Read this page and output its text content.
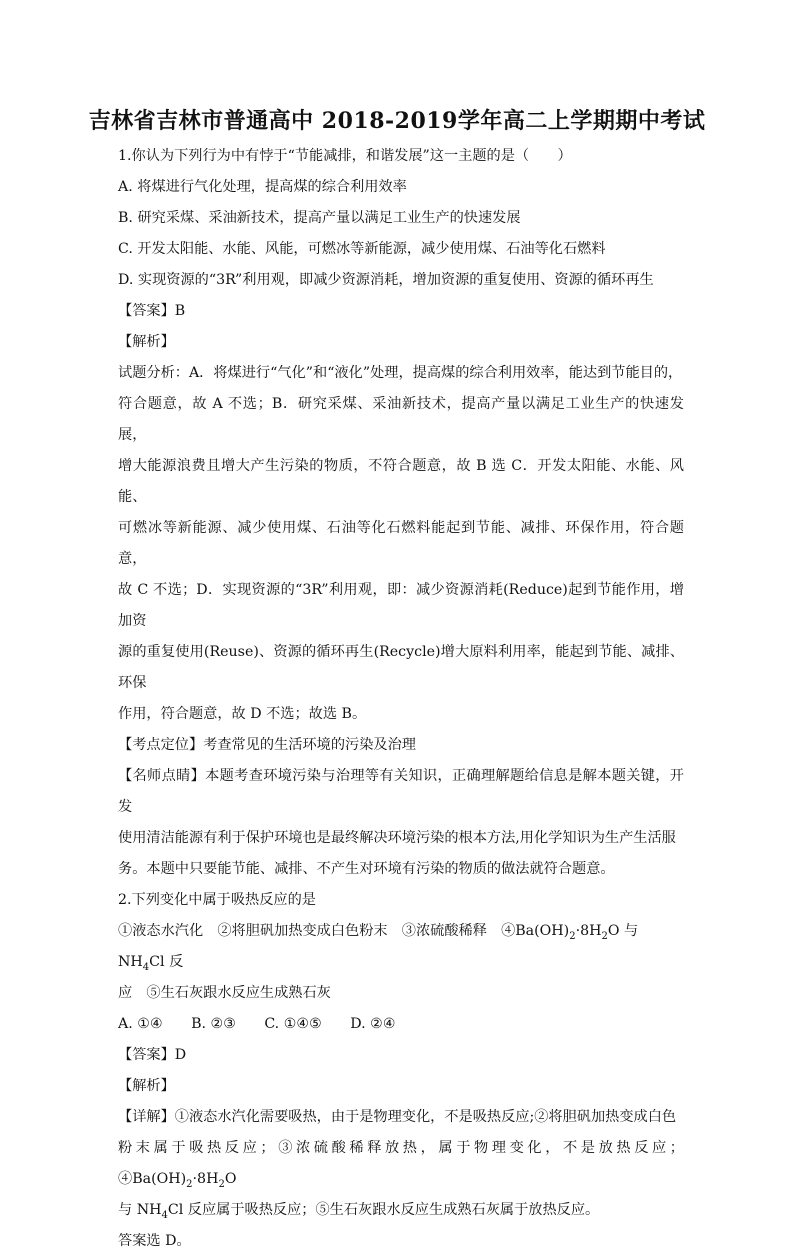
吉林省吉林市普通高中 2018-2019学年高二上学期期中考试

1.你认为下列行为中有悖于“节能减排，和谐发展”这一主题的是（　　）

A. 将煤进行气化处理，提高煤的综合利用效率

B. 研究采煤、采油新技术，提高产量以满足工业生产的快速发展

C. 开发太阳能、水能、风能，可燃冰等新能源，减少使用煤、石油等化石燃料

D. 实现资源的“3R”利用观，即减少资源消耗，增加资源的重复使用、资源的循环再生

【答案】B

【解析】

试题分析：A．将煤进行“气化”和“液化”处理，提高煤的综合利用效率，能达到节能目的，

符合题意，故 A 不选；B．研究采煤、采油新技术，提高产量以满足工业生产的快速发展，

增大能源浪费且增大产生污染的物质，不符合题意，故 B 选 C．开发太阳能、水能、风能、

可燃冰等新能源、减少使用煤、石油等化石燃料能起到节能、减排、环保作用，符合题意，

故 C 不选；D．实现资源的“3R”利用观，即：减少资源消耗(Reduce)起到节能作用，增加资

源的重复使用(Reuse)、资源的循环再生(Recycle)增大原料利用率，能起到节能、减排、环保

作用，符合题意，故 D 不选；故选 B。

【考点定位】考查常见的生活环境的污染及治理

【名师点睛】本题考查环境污染与治理等有关知识，正确理解题给信息是解本题关键，开发

使用清洁能源有利于保护环境也是最终解决环境污染的根本方法,用化学知识为生产生活服

务。本题中只要能节能、减排、不产生对环境有污染的物质的做法就符合题意。

2.下列变化中属于吸热反应的是

①液态水汽化　②将胆矾加热变成白色粉末　③浓硫酸稀释　$④Ba(OH)_2\cdot 8H_2O$ 与 $NH_4Cl$ 反

应　⑤生石灰跟水反应生成熟石灰

A. ①④　　B. ②③　　C. ①④⑤　　D. ②④

【答案】D

【解析】

【详解】①液态水汽化需要吸热，由于是物理变化，不是吸热反应;②将胆矾加热变成白色

粉末属于吸热反应；③浓硫酸稀释放热，属于物理变化，不是放热反应；$④Ba(OH)_2\cdot 8H_2O$

与 $NH_4Cl$ 反应属于吸热反应；⑤生石灰跟水反应生成熟石灰属于放热反应。

答案选 D。
